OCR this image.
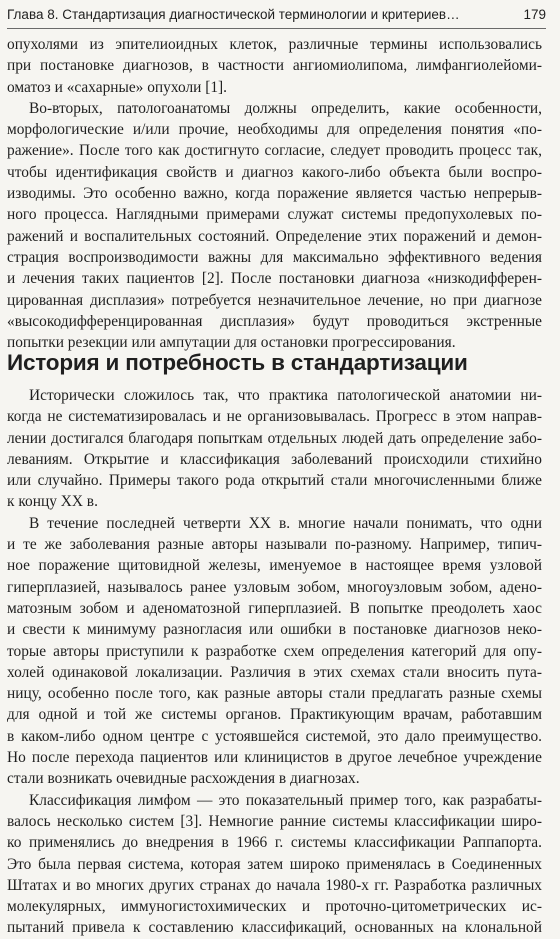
Глава 8. Стандартизация диагностической терминологии и критериев…	179

опухолями из эпителиоидных клеток, различные термины использовались

при постановке диагнозов, в частности ангиомиолипома, лимфангиолейоми-

оматоз и «сахарные» опухоли [1].

Во-вторых, патологоанатомы должны определить, какие особенности,

морфологические и/или прочие, необходимы для определения понятия «по-

ражение». После того как достигнуто согласие, следует проводить процесс так,

чтобы идентификация свойств и диагноз какого-либо объекта были воспро-

изводимы. Это особенно важно, когда поражение является частью непрерыв-

ного процесса. Наглядными примерами служат системы предопухолевых по-

ражений и воспалительных состояний. Определение этих поражений и демон-

страция воспроизводимости важны для максимально эффективного ведения

и лечения таких пациентов [2]. После постановки диагноза «низкодифферен-

цированная дисплазия» потребуется незначительное лечение, но при диагнозе

«высокодифференцированная дисплазия» будут проводиться экстренные

попытки резекции или ампутации для остановки прогрессирования.

История и потребность в стандартизации

Исторически сложилось так, что практика патологической анатомии ни-

когда не систематизировалась и не организовывалась. Прогресс в этом направ-

лении достигался благодаря попыткам отдельных людей дать определение забо-

леваниям. Открытие и классификация заболеваний происходили стихийно

или случайно. Примеры такого рода открытий стали многочисленными ближе

к концу XX в.

В течение последней четверти XX в. многие начали понимать, что одни

и те же заболевания разные авторы называли по-разному. Например, типич-

ное поражение щитовидной железы, именуемое в настоящее время узловой

гиперплазией, называлось ранее узловым зобом, многоузловым зобом, адено-

матозным зобом и аденоматозной гиперплазией. В попытке преодолеть хаос

и свести к минимуму разногласия или ошибки в постановке диагнозов неко-

торые авторы приступили к разработке схем определения категорий для опу-

холей одинаковой локализации. Различия в этих схемах стали вносить пута-

ницу, особенно после того, как разные авторы стали предлагать разные схемы

для одной и той же системы органов. Практикующим врачам, работавшим

в каком-либо одном центре с устоявшейся системой, это дало преимущество.

Но после перехода пациентов или клиницистов в другое лечебное учреждение

стали возникать очевидные расхождения в диагнозах.

Классификация лимфом — это показательный пример того, как разрабаты-

валось несколько систем [3]. Немногие ранние системы классификации широ-

ко применялись до внедрения в 1966 г. системы классификации Раппапорта.

Это была первая система, которая затем широко применялась в Соединенных

Штатах и во многих других странах до начала 1980-х гг. Разработка различных

молекулярных, иммуногистохимических и проточно-цитометрических ис-

пытаний привела к составлению классификаций, основанных на клональной
